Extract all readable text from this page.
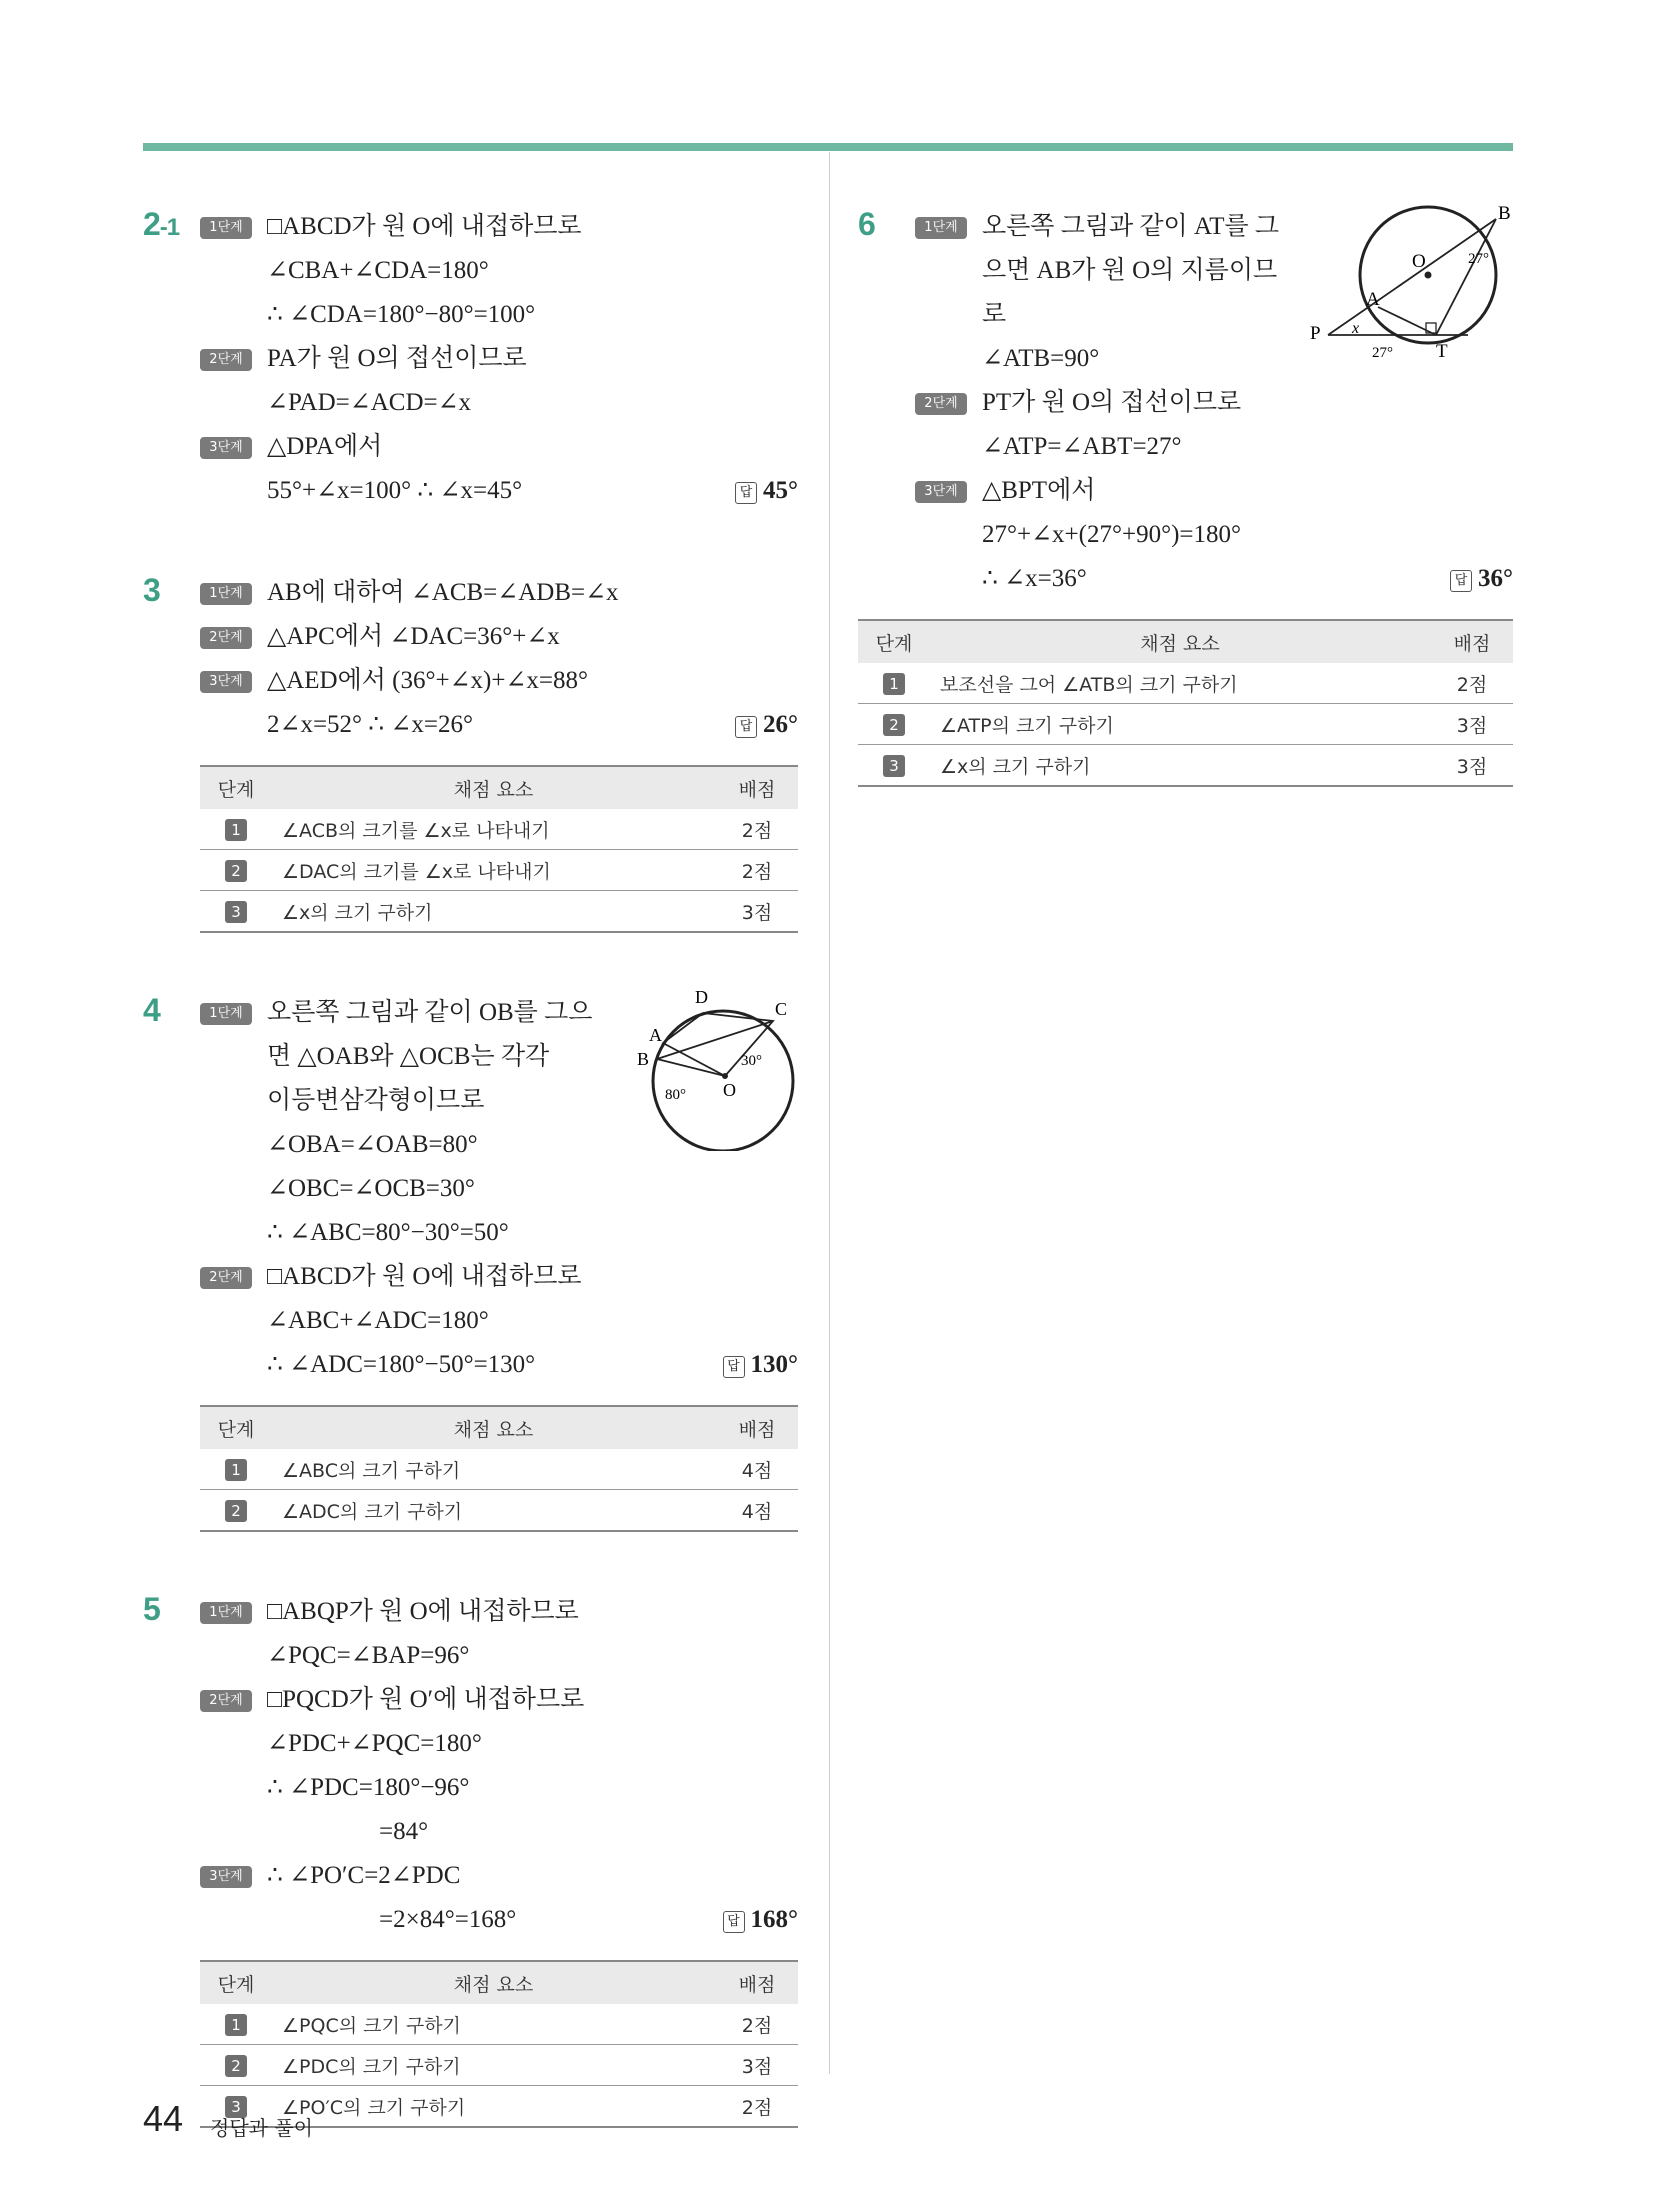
2-1	1단계 □ABCD가 원 O에 내접하므로
∠CBA+∠CDA=180°
∴ ∠CDA=180°−80°=100°
2단계 PA가 원 O의 접선이므로
∠PAD=∠ACD=∠x
3단계 △DPA에서
55°+∠x=100° ∴ ∠x=45°	답 45°
3	1단계 AB에 대하여 ∠ACB=∠ADB=∠x
2단계 △APC에서 ∠DAC=36°+∠x
3단계 △AED에서 (36°+∠x)+∠x=88°
2∠x=52° ∴ ∠x=26°	답 26°
단계	채점 요소	배점
1	∠ACB의 크기를 ∠x로 나타내기	2점
2	∠DAC의 크기를 ∠x로 나타내기	2점
3	∠x의 크기 구하기	3점
4	D
C
A
B
O
80°
30°
1단계 오른쪽 그림과 같이 OB를 그으
면 △OAB와 △OCB는 각각
이등변삼각형이므로
∠OBA=∠OAB=80°
∠OBC=∠OCB=30°
∴ ∠ABC=80°−30°=50°
2단계 □ABCD가 원 O에 내접하므로
∠ABC+∠ADC=180°
∴ ∠ADC=180°−50°=130°	답 130°
단계	채점 요소	배점
1	∠ABC의 크기 구하기	4점
2	∠ADC의 크기 구하기	4점
5	1단계 □ABQP가 원 O에 내접하므로
∠PQC=∠BAP=96°
2단계 □PQCD가 원 O′에 내접하므로
∠PDC+∠PQC=180°
∴ ∠PDC=180°−96°
=84°
3단계 ∴ ∠PO′C=2∠PDC
=2×84°=168°	답 168°
단계	채점 요소	배점
1	∠PQC의 크기 구하기	2점
2	∠PDC의 크기 구하기	3점
3	∠PO′C의 크기 구하기	2점
6	B
O
A
P
T
x
27°
27°
1단계 오른쪽 그림과 같이 AT를 그
으면 AB가 원 O의 지름이므
로
∠ATB=90°
2단계 PT가 원 O의 접선이므로
∠ATP=∠ABT=27°
3단계 △BPT에서
27°+∠x+(27°+90°)=180°
∴ ∠x=36°	답 36°
단계	채점 요소	배점
1	보조선을 그어 ∠ATB의 크기 구하기	2점
2	∠ATP의 크기 구하기	3점
3	∠x의 크기 구하기	3점
44 정답과 풀이
